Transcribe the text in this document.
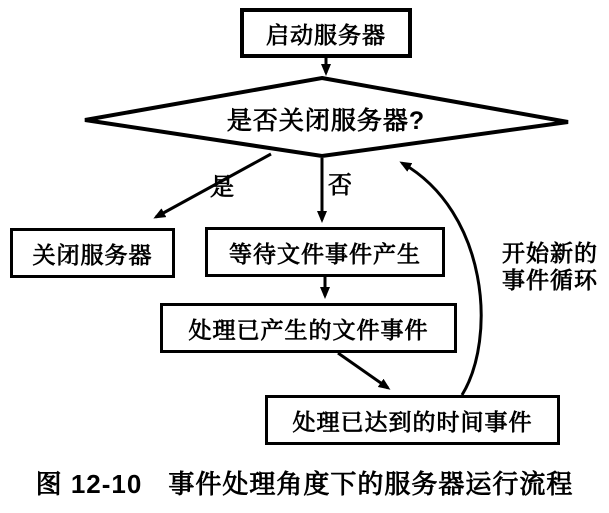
启动服务器
是否关闭服务器?
关闭服务器	等待文件事件产生
处理已产生的文件事件
处理已达到的时间事件
是	否
开始新的
事件循环
图 12-10 事件处理角度下的服务器运行流程
